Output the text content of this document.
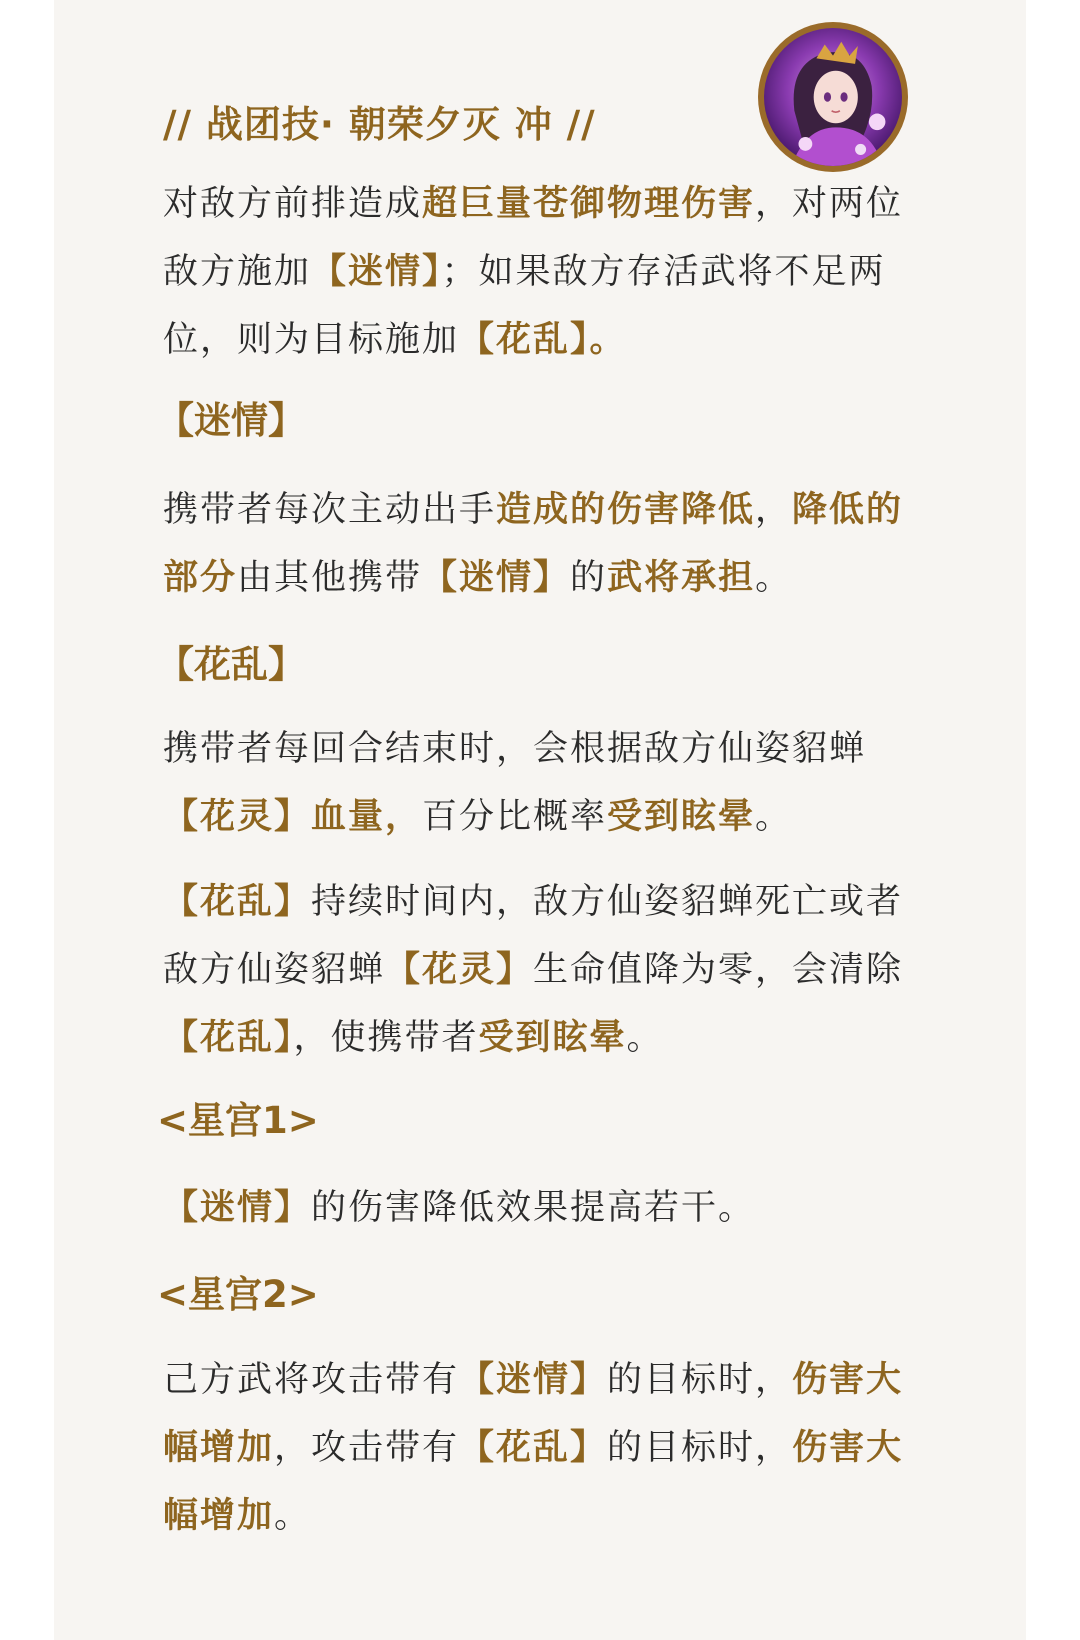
// 战团技· 朝荣夕灭 冲 //
对敌方前排造成超巨量苍御物理伤害，对两位敌方施加【迷情】；如果敌方存活武将不足两位，则为目标施加【花乱】。
【迷情】
携带者每次主动出手造成的伤害降低，降低的部分由其他携带【迷情】的武将承担。
【花乱】
携带者每回合结束时，会根据敌方仙姿貂蝉【花灵】血量，百分比概率受到眩晕。
【花乱】持续时间内，敌方仙姿貂蝉死亡或者敌方仙姿貂蝉【花灵】生命值降为零，会清除【花乱】，使携带者受到眩晕。
<星宫1>
【迷情】的伤害降低效果提高若干。
<星宫2>
己方武将攻击带有【迷情】的目标时，伤害大幅增加，攻击带有【花乱】的目标时，伤害大幅增加。
